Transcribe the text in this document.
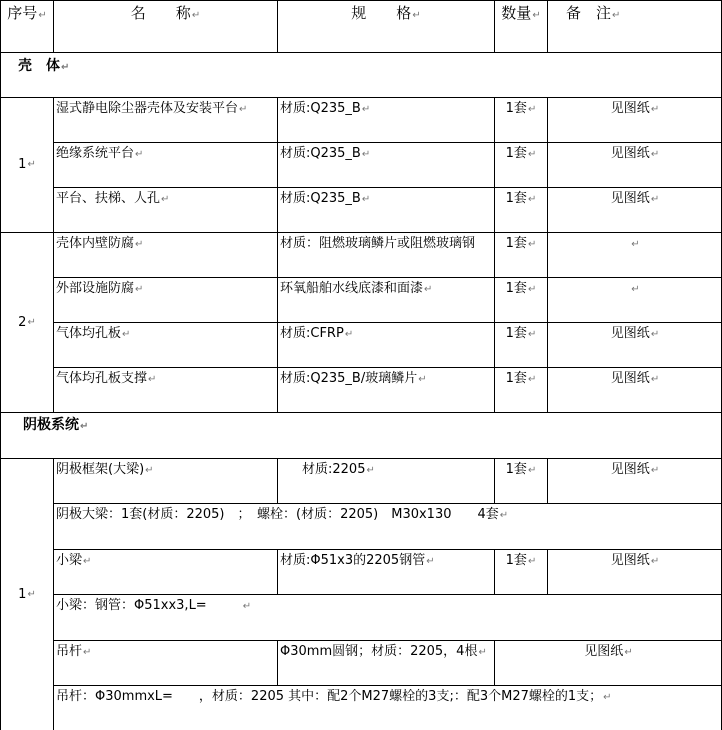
序号↵	名　　称↵	规　　格↵	数量↵	备　注↵
壳　体↵
1 ↵
湿式静电除尘器壳体及安装平台↵	材质:Q235_B↵	1套↵	见图纸↵
绝缘系统平台↵	材质:Q235_B↵	1套↵	见图纸↵
平台、扶梯、人孔↵	材质:Q235_B↵	1套↵	见图纸↵
2 ↵
壳体内壁防腐↵	材质：阻燃玻璃鳞片或阻燃玻璃钢	1套↵	↵
外部设施防腐↵	环氧船舶水线底漆和面漆↵	1套↵	↵
气体均孔板↵	材质:CFRP↵	1套↵	见图纸↵
气体均孔板支撑↵	材质:Q235_B/玻璃鳞片↵	1套↵	见图纸↵
阴极系统↵
1 ↵
阴极框架(大梁)↵	材质:2205↵	1套↵	见图纸↵
阴极大梁：1套(材质：2205)　；　螺栓：(材质：2205)　M30x130　　4套↵
小梁↵	材质:Φ51x3的2205钢管↵	1套↵	见图纸↵
小梁：钢管：Φ51xx3,L=	↵
吊杆↵	Φ30mm圆钢；材质：2205，4根↵	见图纸↵
吊杆：Φ30mmxL=　　，材质：2205 其中：配2个M27螺栓的3支;：配3个M27螺栓的1支；↵
